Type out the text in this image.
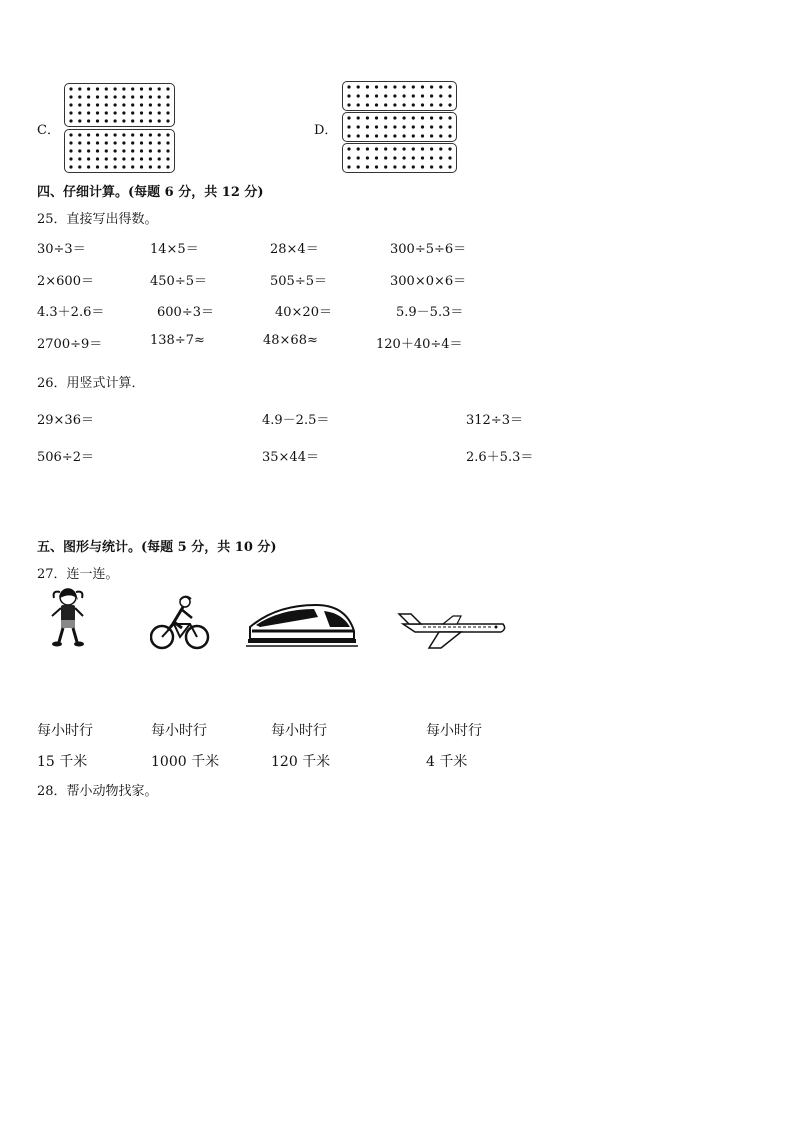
C．	D．
四、仔细计算。(每题 6 分，共 12 分)
25．直接写出得数。
30÷3＝	14×5＝	28×4＝	300÷5÷6＝
2×600＝	450÷5＝	505÷5＝	300×0×6＝
4.3＋2.6＝	600÷3＝	40×20＝	5.9－5.3＝
2700÷9＝	138÷7≈	48×68≈	120＋40÷4＝
26．用竖式计算．
29×36＝	4.9－2.5＝	312÷3＝
506÷2＝	35×44＝	2.6＋5.3＝
五、图形与统计。(每题 5 分，共 10 分)
27．连一连。
每小时行	每小时行	每小时行	每小时行
15 千米	1000 千米	120 千米	4 千米
28．帮小动物找家。
